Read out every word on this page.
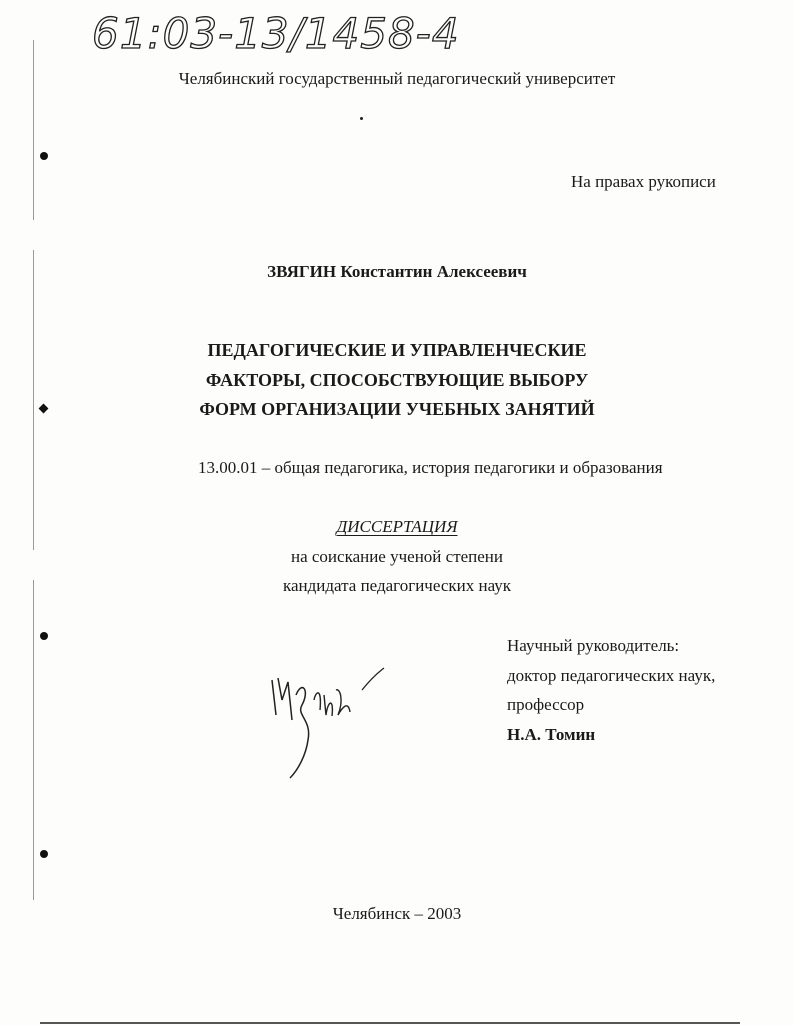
61:03-13/1458-4
Челябинский государственный педагогический университет
На правах рукописи
ЗВЯГИН Константин Алексеевич
ПЕДАГОГИЧЕСКИЕ И УПРАВЛЕНЧЕСКИЕ
ФАКТОРЫ, СПОСОБСТВУЮЩИЕ ВЫБОРУ
ФОРМ ОРГАНИЗАЦИИ УЧЕБНЫХ ЗАНЯТИЙ
13.00.01 – общая педагогика, история педагогики и образования
ДИССЕРТАЦИЯ
на соискание ученой степени
кандидата педагогических наук
Научный руководитель:
доктор педагогических наук,
профессор
Н.А. Томин
Челябинск – 2003
